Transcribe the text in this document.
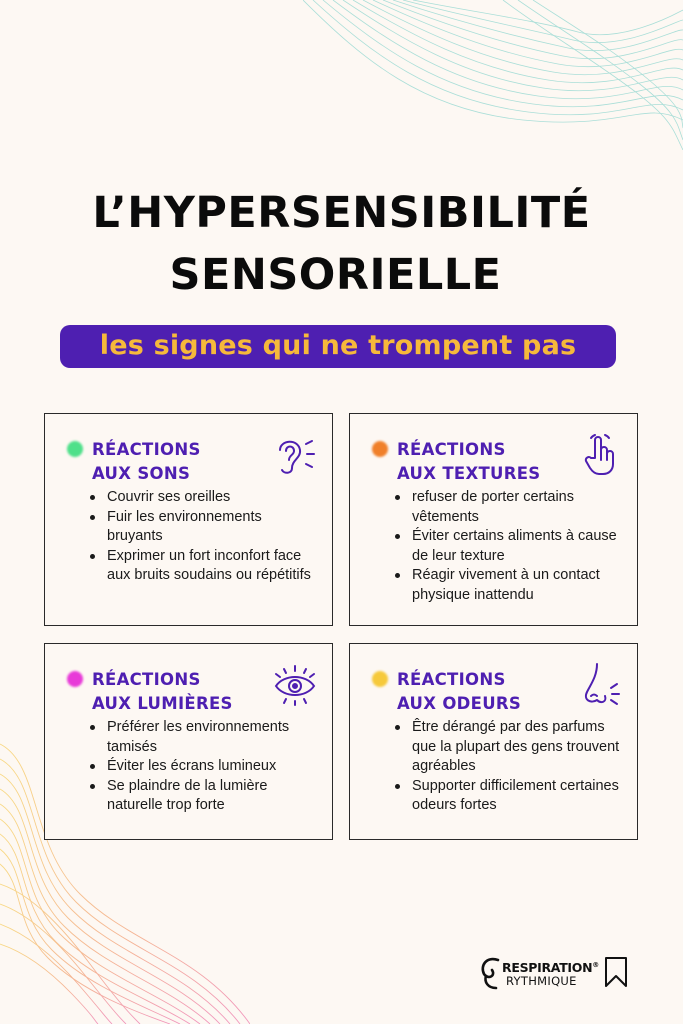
L’HYPERSENSIBILITÉ
SENSORIELLE
les signes qui ne trompent pas
RÉACTIONS
AUX SONS
Couvrir ses oreilles
Fuir les environnements bruyants
Exprimer un fort inconfort face aux bruits soudains ou répétitifs
RÉACTIONS
AUX TEXTURES
refuser de porter certains vêtements
Éviter certains aliments à cause de leur texture
Réagir vivement à un contact physique inattendu
RÉACTIONS
AUX LUMIÈRES
Préférer les environnements tamisés
Éviter les écrans lumineux
Se plaindre de la lumière naturelle trop forte
RÉACTIONS
AUX ODEURS
Être dérangé par des parfums que la plupart des gens trouvent agréables
Supporter difficilement certaines odeurs fortes
RESPIRATION®
RYTHMIQUE
